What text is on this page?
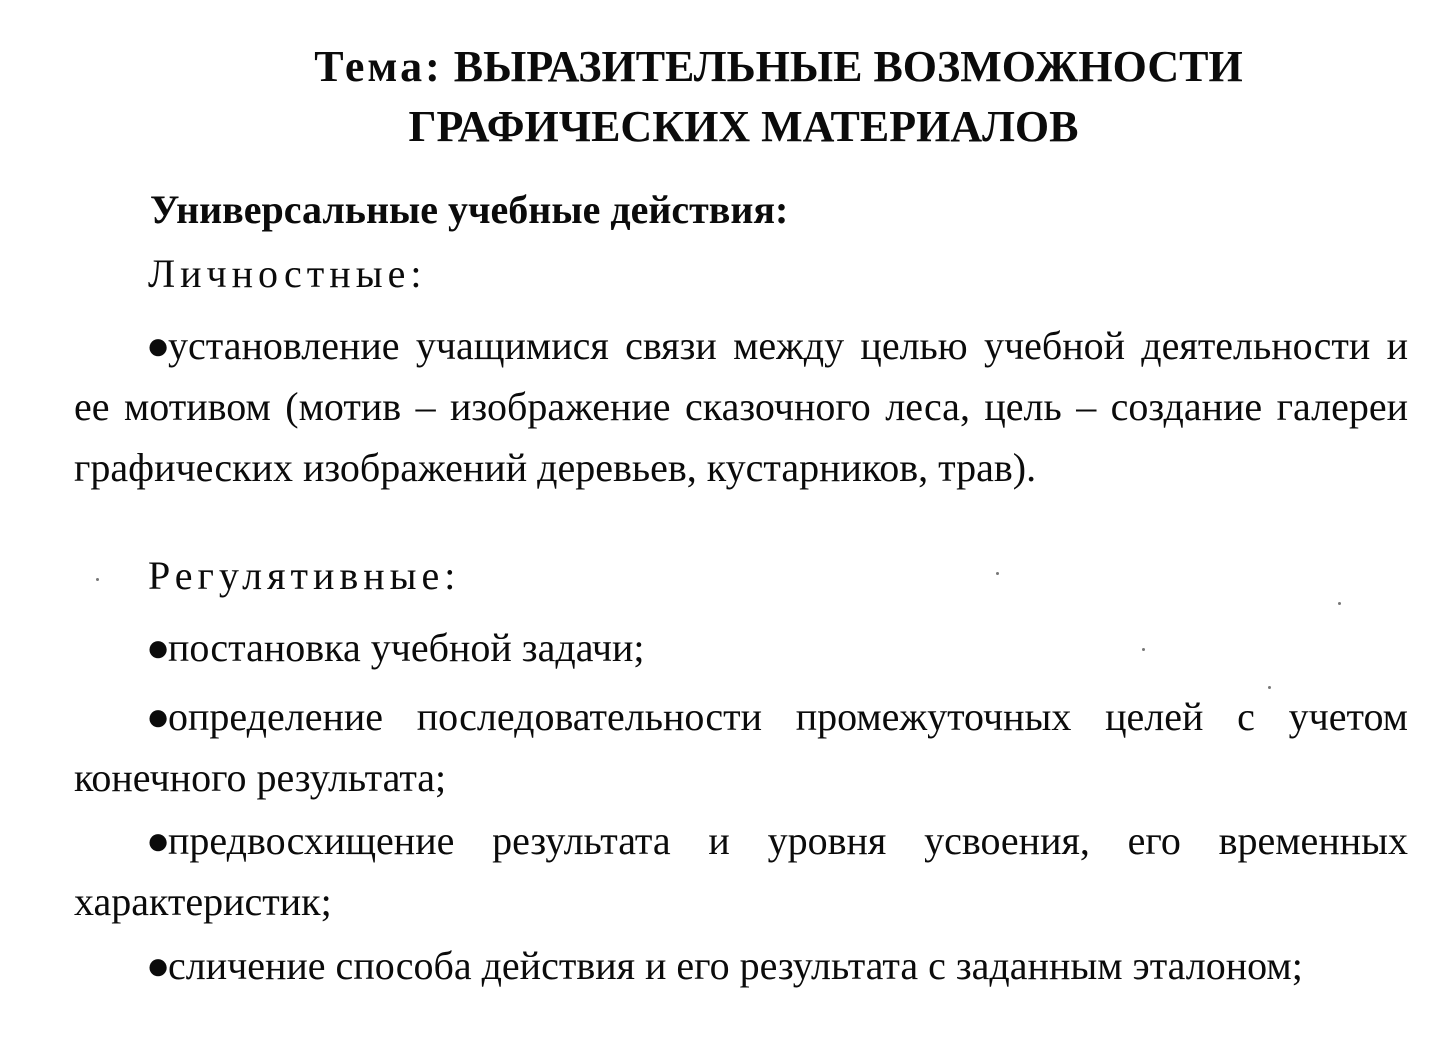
Тема: ВЫРАЗИТЕЛЬНЫЕ ВОЗМОЖНОСТИ
ГРАФИЧЕСКИХ МАТЕРИАЛОВ
Универсальные учебные действия:
Личностные:
●установление учащимися связи между целью учебной деятельности и ее мотивом (мотив – изображение сказочного леса, цель – создание галереи графических изображений деревьев, кустарников, трав).
Регулятивные:
●постановка учебной задачи;
●определение последовательности промежуточных целей с учетом конечного результата;
●предвосхищение результата и уровня усвоения, его временных характеристик;
●сличение способа действия и его результата с заданным эталоном;
